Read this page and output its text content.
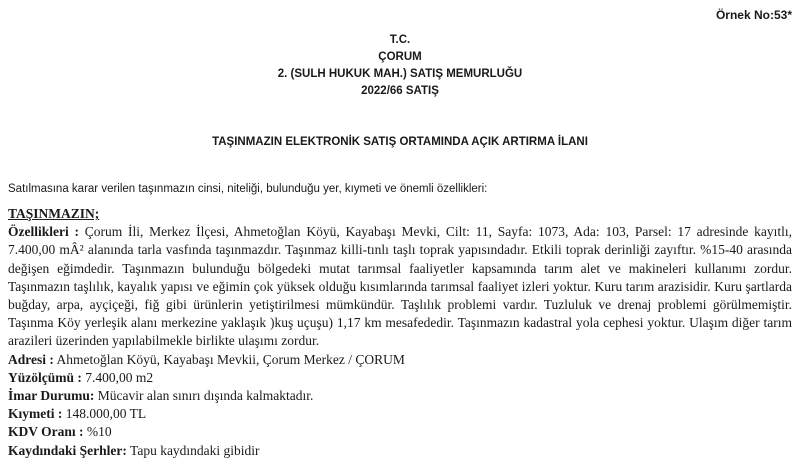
Örnek No:53*
T.C.
ÇORUM
2. (SULH HUKUK MAH.) SATIŞ MEMURLUĞU
2022/66 SATIŞ
TAŞINMAZIN ELEKTRONİK SATIŞ ORTAMINDA AÇIK ARTIRMA İLANI
Satılmasına karar verilen taşınmazın cinsi, niteliği, bulunduğu yer, kıymeti ve önemli özellikleri:
TAŞINMAZIN;
Özellikleri : Çorum İli, Merkez İlçesi, Ahmetoğlan Köyü, Kayabaşı Mevki, Cilt: 11, Sayfa: 1073, Ada: 103, Parsel: 17 adresinde kayıtlı, 7.400,00 mÂ² alanında tarla vasfında taşınmazdır. Taşınmaz killi-tınlı taşlı toprak yapısındadır. Etkili toprak derinliği zayıftır. %15-40 arasında değişen eğimdedir. Taşınmazın bulunduğu bölgedeki mutat tarımsal faaliyetler kapsamında tarım alet ve makineleri kullanımı zordur. Taşınmazın taşlılık, kayalık yapısı ve eğimin çok yüksek olduğu kısımlarında tarımsal faaliyet izleri yoktur. Kuru tarım arazisidir. Kuru şartlarda buğday, arpa, ayçiçeği, fiğ gibi ürünlerin yetiştirilmesi mümkündür. Taşlılık problemi vardır. Tuzluluk ve drenaj problemi görülmemiştir. Taşınma Köy yerleşik alanı merkezine yaklaşık )kuş uçuşu) 1,17 km mesafededir. Taşınmazın kadastral yola cephesi yoktur. Ulaşım diğer tarım arazileri üzerinden yapılabilmekle birlikte ulaşımı zordur.
Adresi : Ahmetoğlan Köyü, Kayabaşı Mevkii, Çorum Merkez / ÇORUM
Yüzölçümü : 7.400,00 m2
İmar Durumu: Mücavir alan sınırı dışında kalmaktadır.
Kıymeti : 148.000,00 TL
KDV Oranı : %10
Kaydındaki Şerhler: Tapu kaydındaki gibidir
